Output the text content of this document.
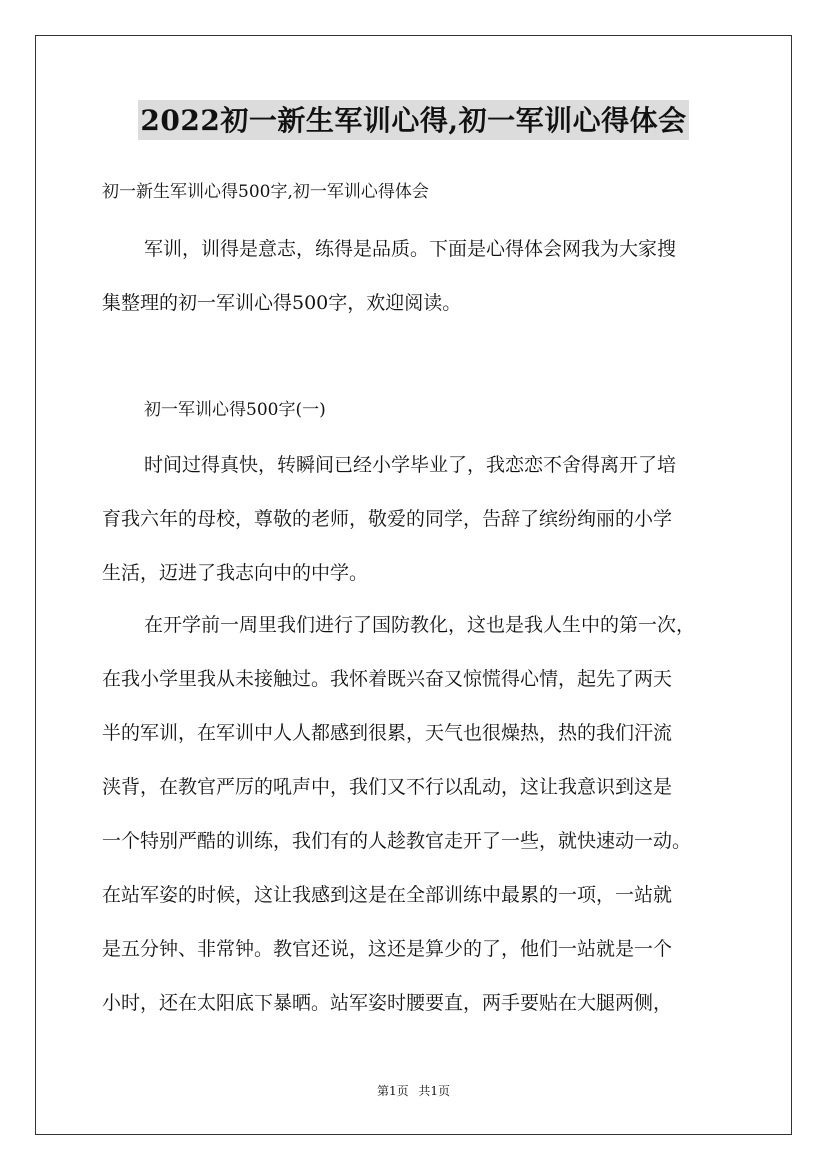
2022初一新生军训心得,初一军训心得体会
初一新生军训心得500字,初一军训心得体会
军训，训得是意志，练得是品质。下面是心得体会网我为大家搜
集整理的初一军训心得500字，欢迎阅读。
初一军训心得500字(一)
时间过得真快，转瞬间已经小学毕业了，我恋恋不舍得离开了培
育我六年的母校，尊敬的老师，敬爱的同学，告辞了缤纷绚丽的小学
生活，迈进了我志向中的中学。
在开学前一周里我们进行了国防教化，这也是我人生中的第一次，
在我小学里我从未接触过。我怀着既兴奋又惊慌得心情，起先了两天
半的军训，在军训中人人都感到很累，天气也很燥热，热的我们汗流
浃背，在教官严厉的吼声中，我们又不行以乱动，这让我意识到这是
一个特别严酷的训练，我们有的人趁教官走开了一些，就快速动一动。
在站军姿的时候，这让我感到这是在全部训练中最累的一项，一站就
是五分钟、非常钟。教官还说，这还是算少的了，他们一站就是一个
小时，还在太阳底下暴晒。站军姿时腰要直，两手要贴在大腿两侧，
第1页 共1页
